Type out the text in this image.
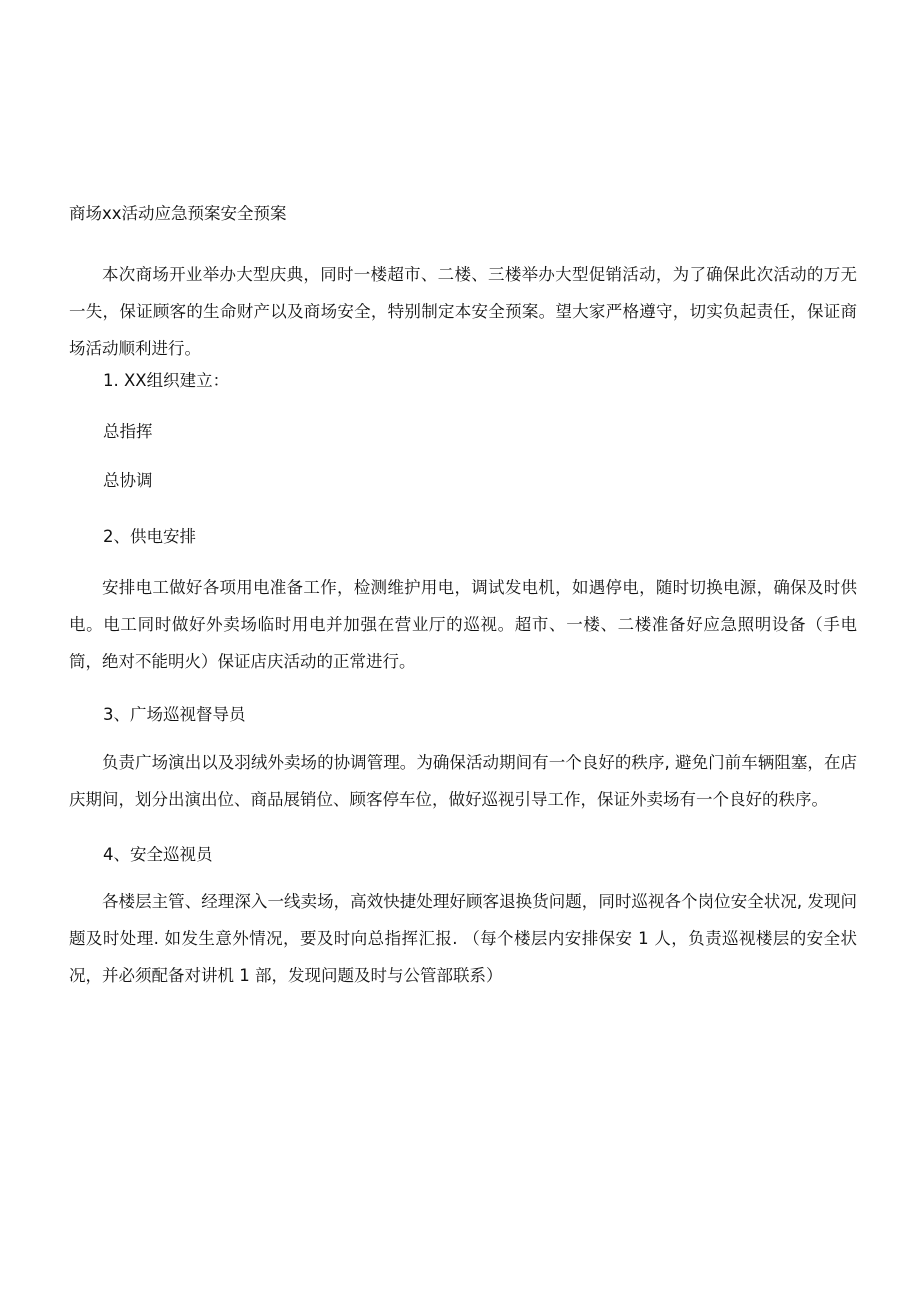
商场xx活动应急预案安全预案

本次商场开业举办大型庆典，同时一楼超市、二楼、三楼举办大型促销活动，为了确保此次活动的万无一失，保证顾客的生命财产以及商场安全，特别制定本安全预案。望大家严格遵守，切实负起责任，保证商场活动顺利进行。

1. XX组织建立：

总指挥

总协调

2、供电安排

安排电工做好各项用电准备工作，检测维护用电，调试发电机，如遇停电，随时切换电源，确保及时供电。电工同时做好外卖场临时用电并加强在营业厅的巡视。超市、一楼、二楼准备好应急照明设备（手电筒，绝对不能明火）保证店庆活动的正常进行。

3、广场巡视督导员

负责广场演出以及羽绒外卖场的协调管理。为确保活动期间有一个良好的秩序, 避免门前车辆阻塞，在店庆期间，划分出演出位、商品展销位、顾客停车位，做好巡视引导工作，保证外卖场有一个良好的秩序。

4、安全巡视员

各楼层主管、经理深入一线卖场，高效快捷处理好顾客退换货问题，同时巡视各个岗位安全状况, 发现问题及时处理. 如发生意外情况，要及时向总指挥汇报. （每个楼层内安排保安 1 人，负责巡视楼层的安全状况，并必须配备对讲机 1 部，发现问题及时与公管部联系）
